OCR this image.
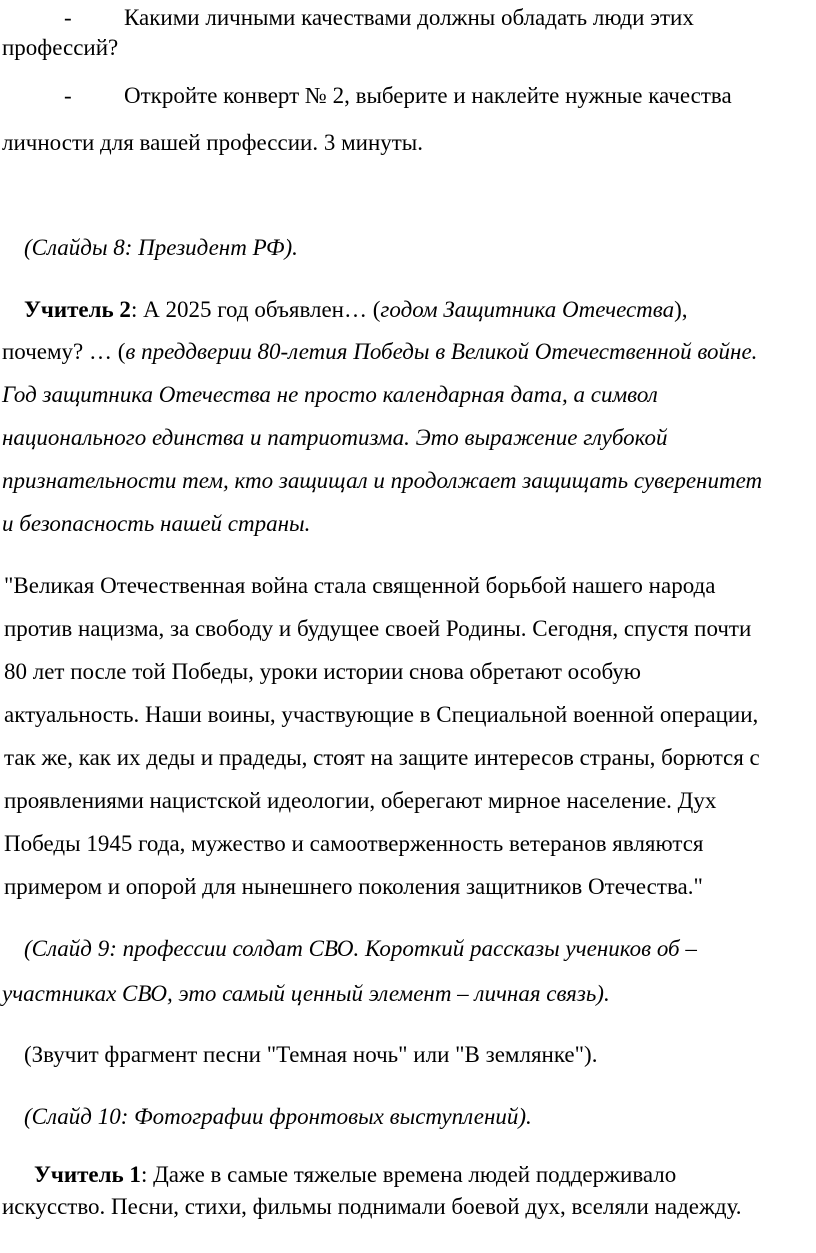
- Какими личными качествами должны обладать люди этих
профессий?
- Откройте конверт № 2, выберите и наклейте нужные качества
личности для вашей профессии. 3 минуты.
(Слайды 8: Президент РФ).
Учитель 2: А 2025 год объявлен… (годом Защитника Отечества),
почему? … (в преддверии 80-летия Победы в Великой Отечественной войне.
Год защитника Отечества не просто календарная дата, а символ
национального единства и патриотизма. Это выражение глубокой
признательности тем, кто защищал и продолжает защищать суверенитет
и безопасность нашей страны.
"Великая Отечественная война стала священной борьбой нашего народа
против нацизма, за свободу и будущее своей Родины. Сегодня, спустя почти
80 лет после той Победы, уроки истории снова обретают особую
актуальность. Наши воины, участвующие в Специальной военной операции,
так же, как их деды и прадеды, стоят на защите интересов страны, борются с
проявлениями нацистской идеологии, оберегают мирное население. Дух
Победы 1945 года, мужество и самоотверженность ветеранов являются
примером и опорой для нынешнего поколения защитников Отечества."
(Слайд 9: профессии солдат СВО. Короткий рассказы учеников об –
участниках СВО, это самый ценный элемент – личная связь).
(Звучит фрагмент песни "Темная ночь" или "В землянке").
(Слайд 10: Фотографии фронтовых выступлений).
Учитель 1: Даже в самые тяжелые времена людей поддерживало
искусство. Песни, стихи, фильмы поднимали боевой дух, вселяли надежду.
